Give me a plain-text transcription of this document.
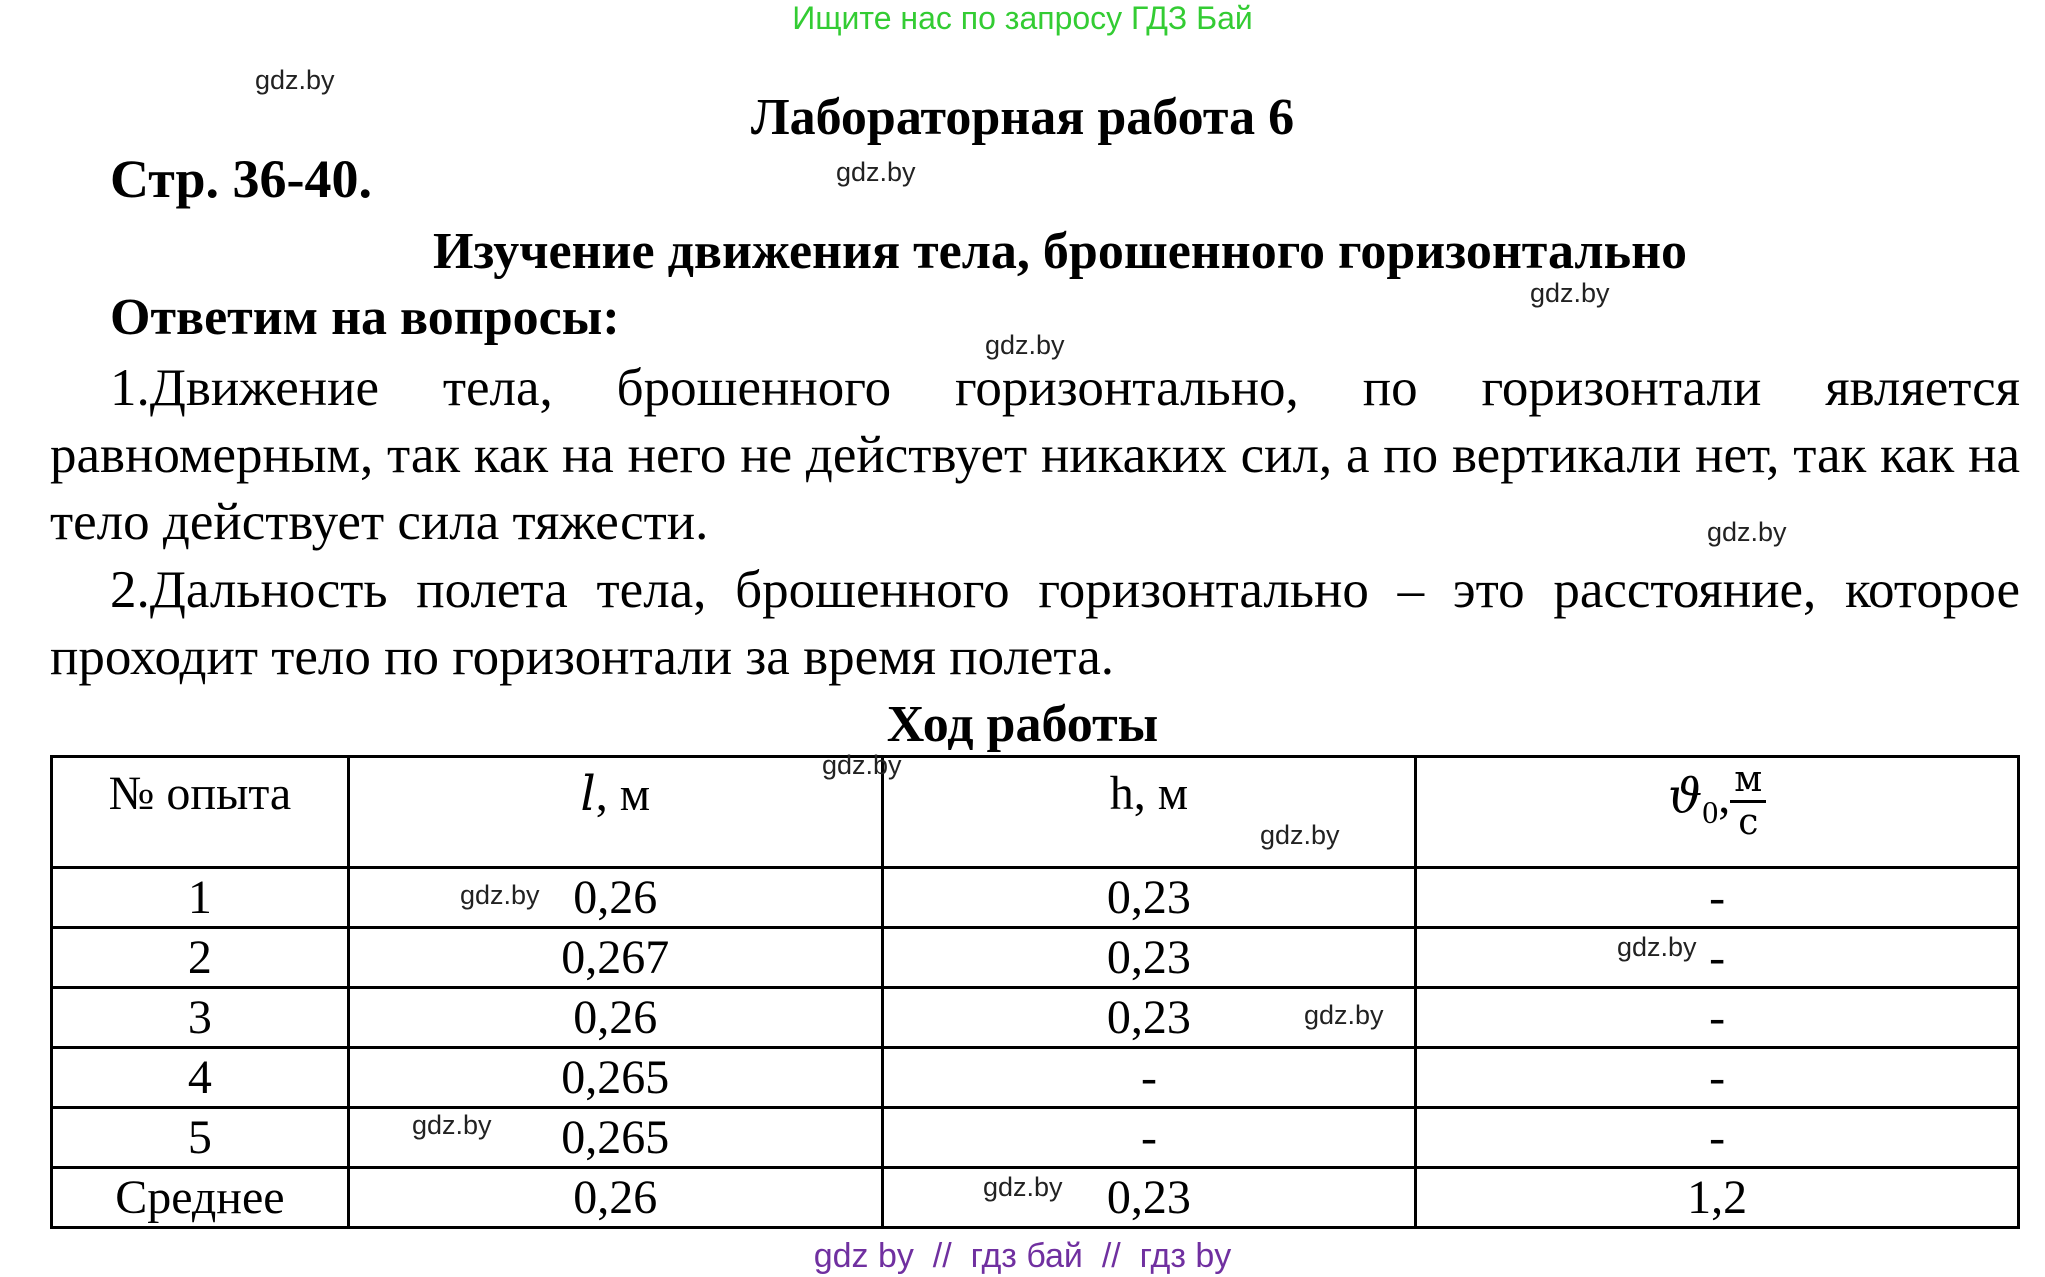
Ищите нас по запросу ГДЗ Бай
Лабораторная работа 6
Стр. 36-40.
Изучение движения тела, брошенного горизонтально
Ответим на вопросы:
1.Движение тела, брошенного горизонтально, по горизонтали является равномерным, так как на него не действует никаких сил, а по вертикали нет, так как на тело действует сила тяжести.
2.Дальность полета тела, брошенного горизонтально – это расстояние, которое проходит тело по горизонтали за время полета.
Ход работы
№ опыта	l, м	h, м	$ϑ_0$, $\frac{м}{с}$

1	0,26	0,23	-
2	0,267	0,23	-
3	0,26	0,23	-
4	0,265	-	-
5	0,265	-	-
Среднее	0,26	0,23	1,2
gdz.by
gdz.by
gdz.by
gdz.by
gdz.by
gdz.by
gdz.by
gdz.by
gdz.by
gdz.by
gdz.by
gdz.by
gdz by  //  гдз бай  //  гдз by
